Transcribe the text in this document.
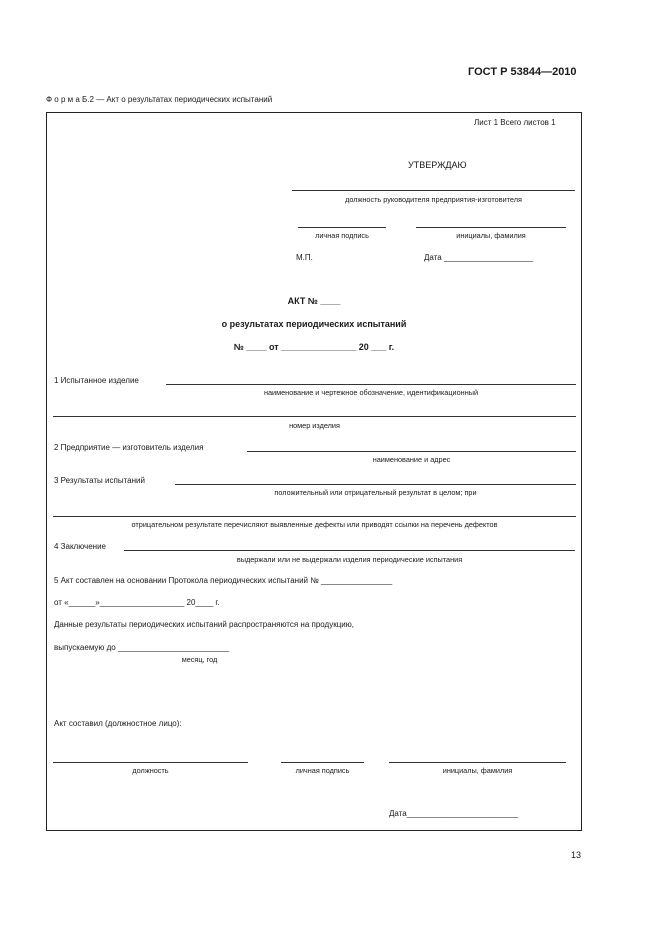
ГОСТ Р 53844—2010
Ф о р м а Б.2 — Акт о результатах периодических испытаний
Лист 1 Всего листов 1
УТВЕРЖДАЮ
должность руководителя предприятия-изготовителя
личная подпись	инициалы, фамилия
М.П.	Дата ____________________
АКТ № ____
о результатах периодических испытаний
№ ____ от _______________ 20 ___ г.
1 Испытанное изделие
наименование и чертежное обозначение, идентификационный
номер изделия
2 Предприятие — изготовитель изделия
наименование и адрес
3 Результаты испытаний
положительный или отрицательный результат в целом; при
отрицательном результате перечисляют выявленные дефекты или приводят ссылки на перечень дефектов
4 Заключение
выдержали или не выдержали изделия периодические испытания
5 Акт составлен на основании Протокола периодических испытаний № ________________
от «______»___________________ 20____ г.
Данные результаты периодических испытаний распространяются на продукцию,
выпускаемую до _________________________
месяц, год
Акт составил (должностное лицо):
должность	личная подпись	инициалы, фамилия
Дата_________________________
13
